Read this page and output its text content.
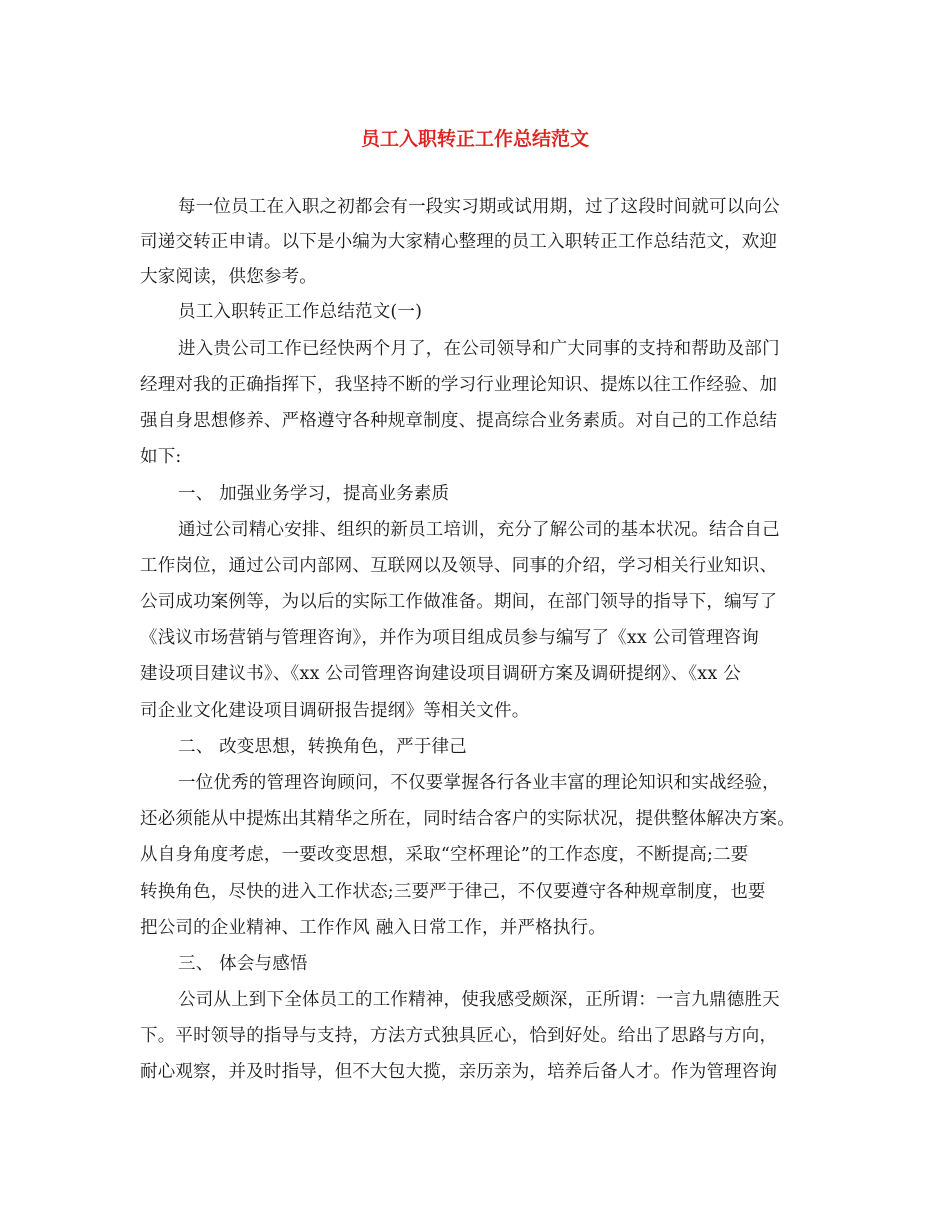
员工入职转正工作总结范文
每一位员工在入职之初都会有一段实习期或试用期，过了这段时间就可以向公
司递交转正申请。以下是小编为大家精心整理的员工入职转正工作总结范文，欢迎
大家阅读，供您参考。
员工入职转正工作总结范文(一)
进入贵公司工作已经快两个月了，在公司领导和广大同事的支持和帮助及部门
经理对我的正确指挥下，我坚持不断的学习行业理论知识、提炼以往工作经验、加
强自身思想修养、严格遵守各种规章制度、提高综合业务素质。对自己的工作总结
如下:
一、 加强业务学习，提高业务素质
通过公司精心安排、组织的新员工培训，充分了解公司的基本状况。结合自己
工作岗位，通过公司内部网、互联网以及领导、同事的介绍，学习相关行业知识、
公司成功案例等，为以后的实际工作做准备。期间，在部门领导的指导下，编写了
《浅议市场营销与管理咨询》，并作为项目组成员参与编写了《xx 公司管理咨询
建设项目建议书》、《xx 公司管理咨询建设项目调研方案及调研提纲》、《xx 公
司企业文化建设项目调研报告提纲》等相关文件。
二、 改变思想，转换角色，严于律己
一位优秀的管理咨询顾问，不仅要掌握各行各业丰富的理论知识和实战经验，
还必须能从中提炼出其精华之所在，同时结合客户的实际状况，提供整体解决方案。
从自身角度考虑，一要改变思想，采取“空杯理论”的工作态度，不断提高;二要
转换角色，尽快的进入工作状态;三要严于律己，不仅要遵守各种规章制度，也要
把公司的企业精神、工作作风 融入日常工作，并严格执行。
三、 体会与感悟
公司从上到下全体员工的工作精神，使我感受颇深，正所谓：一言九鼎德胜天
下。平时领导的指导与支持，方法方式独具匠心，恰到好处。给出了思路与方向，
耐心观察，并及时指导，但不大包大揽，亲历亲为，培养后备人才。作为管理咨询
